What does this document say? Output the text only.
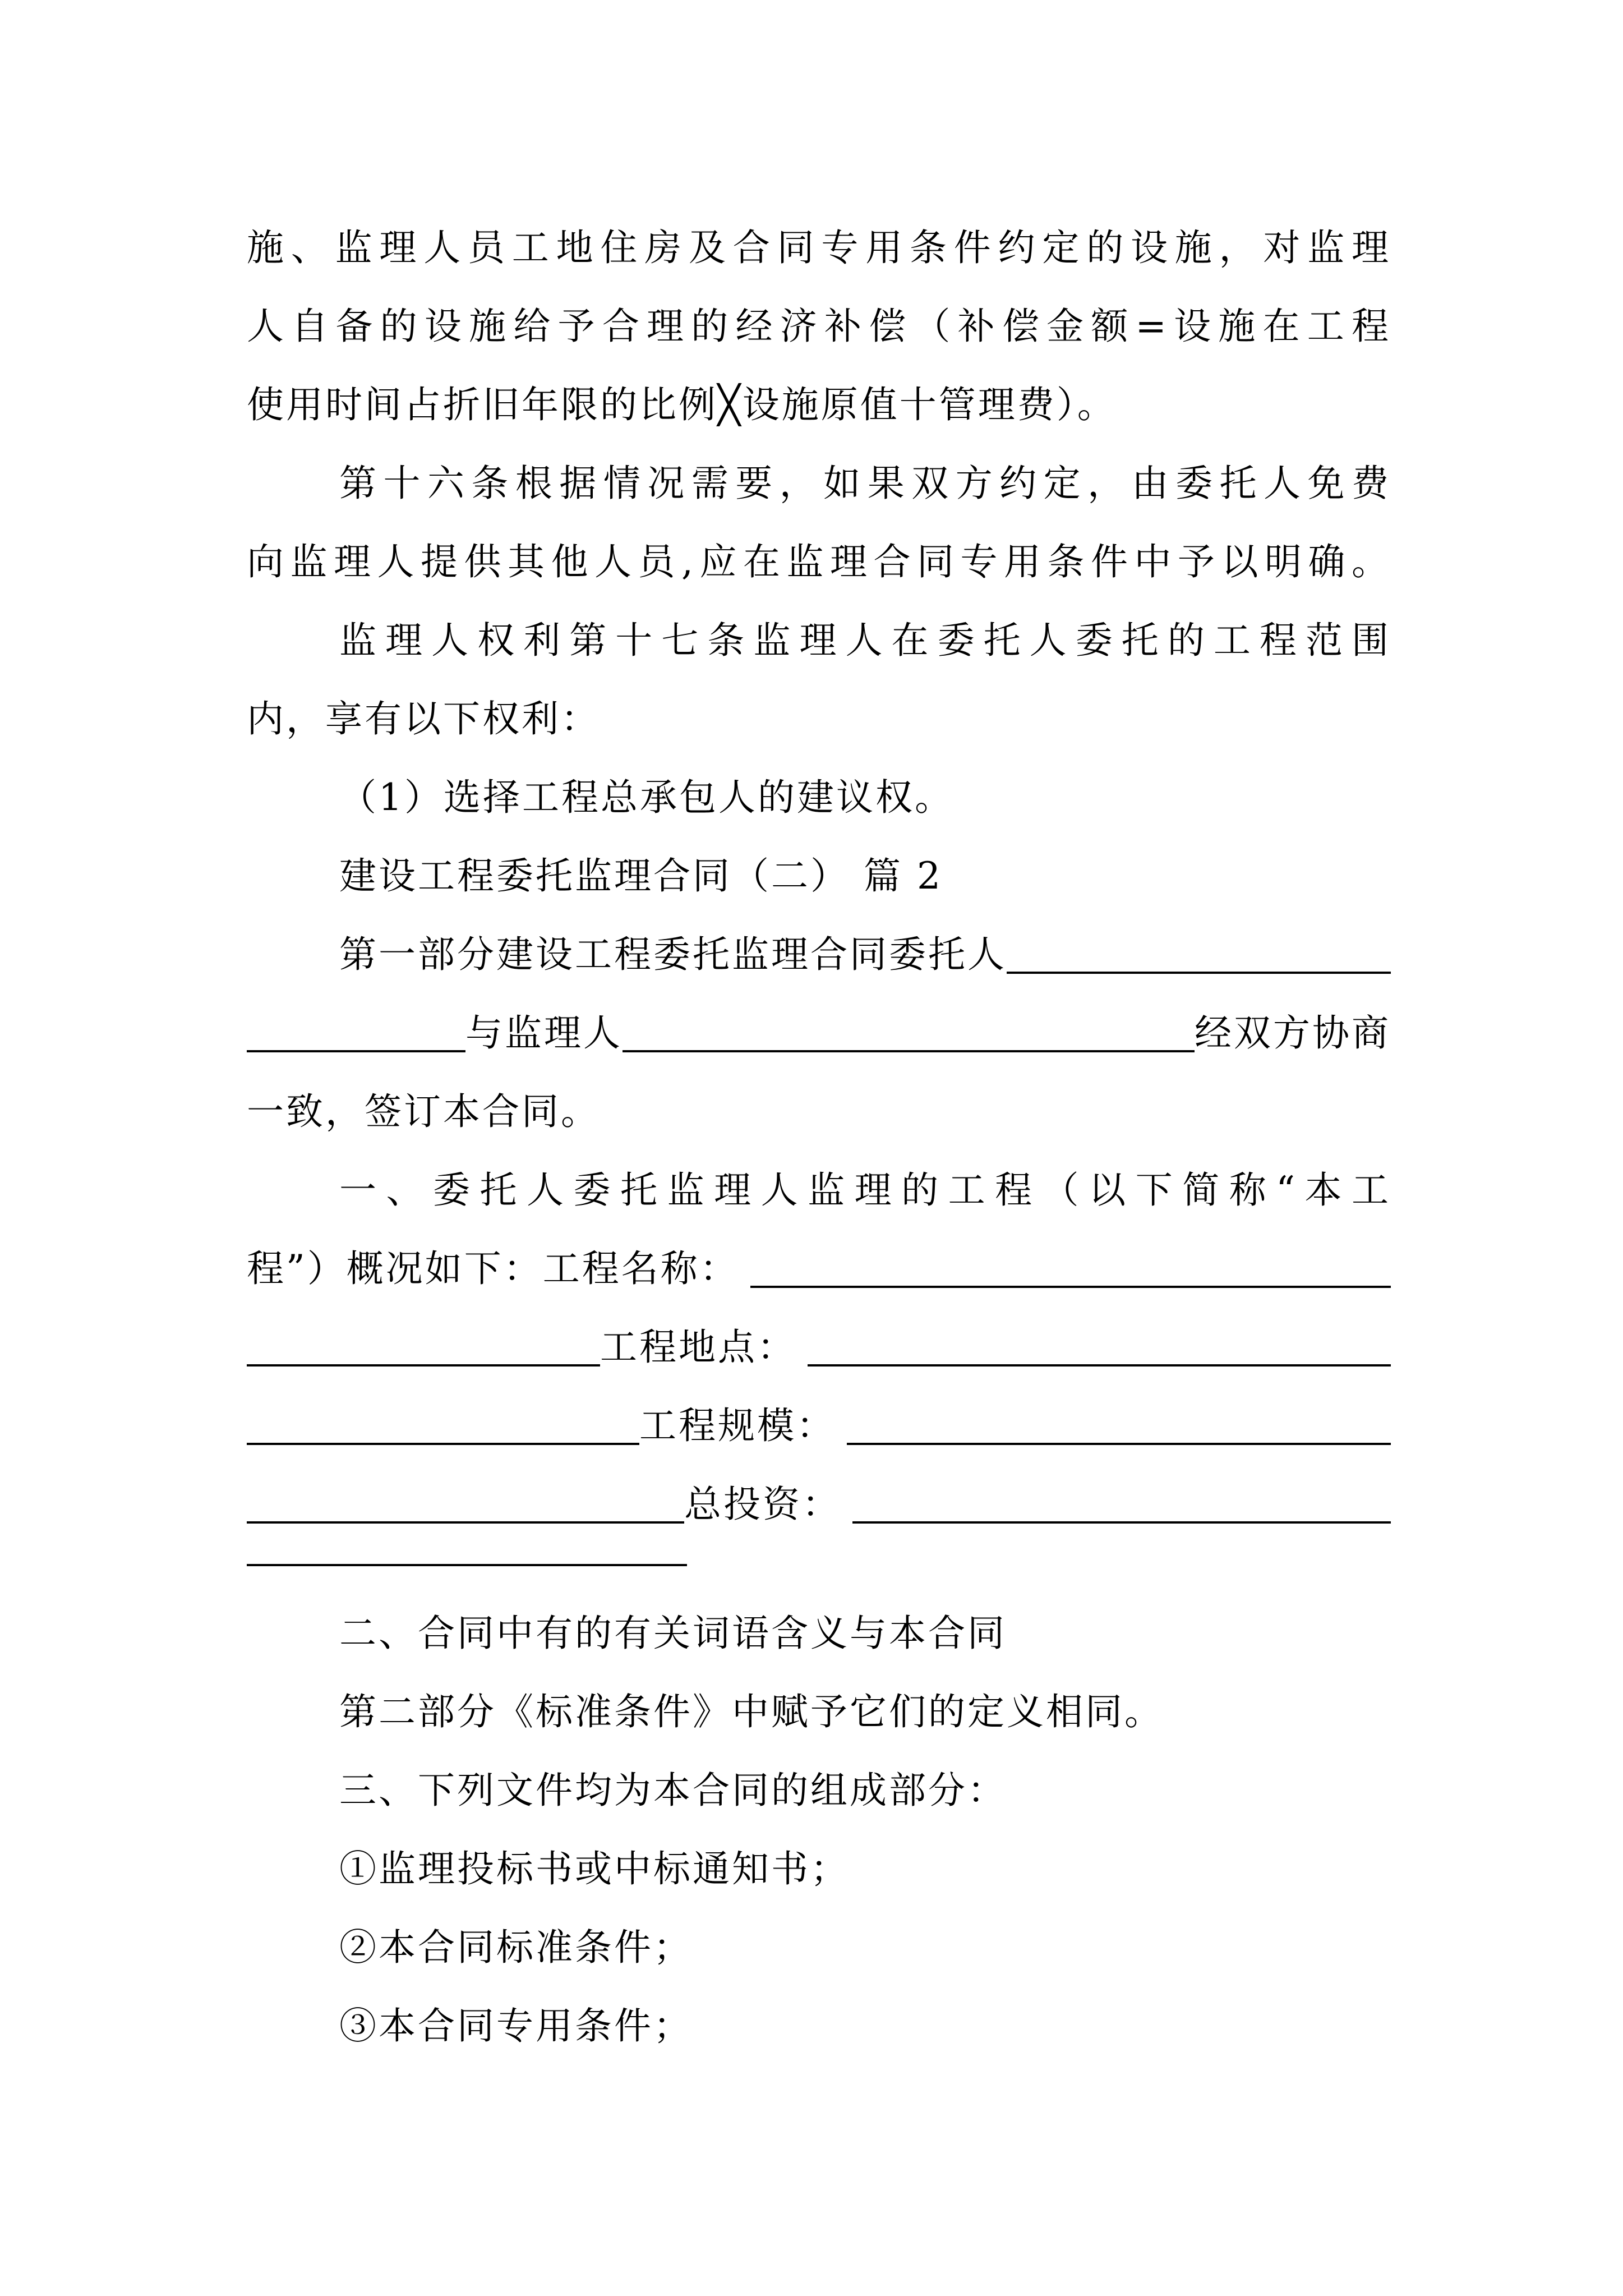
施、监理人员工地住房及合同专用条件约定的设施，对监理
人自备的设施给予合理的经济补偿（补偿金额=设施在工程
使用时间占折旧年限的比例╳设施原值十管理费）。
第十六条根据情况需要，如果双方约定，由委托人免费
向监理人提供其他人员,应在监理合同专用条件中予以明确。
监理人权利第十七条监理人在委托人委托的工程范围
内，享有以下权利：
（1）选择工程总承包人的建议权。
建设工程委托监理合同（二） 篇 2
第一部分建设工程委托监理合同委托人
与监理人	经双方协商
一致，签订本合同。
一、委托人委托监理人监理的工程（以下简称“本工
程”）概况如下：工程名称：
工程地点：
工程规模：
总投资：
二、合同中有的有关词语含义与本合同
第二部分《标准条件》中赋予它们的定义相同。
三、下列文件均为本合同的组成部分：
①监理投标书或中标通知书；
②本合同标准条件；
③本合同专用条件；
